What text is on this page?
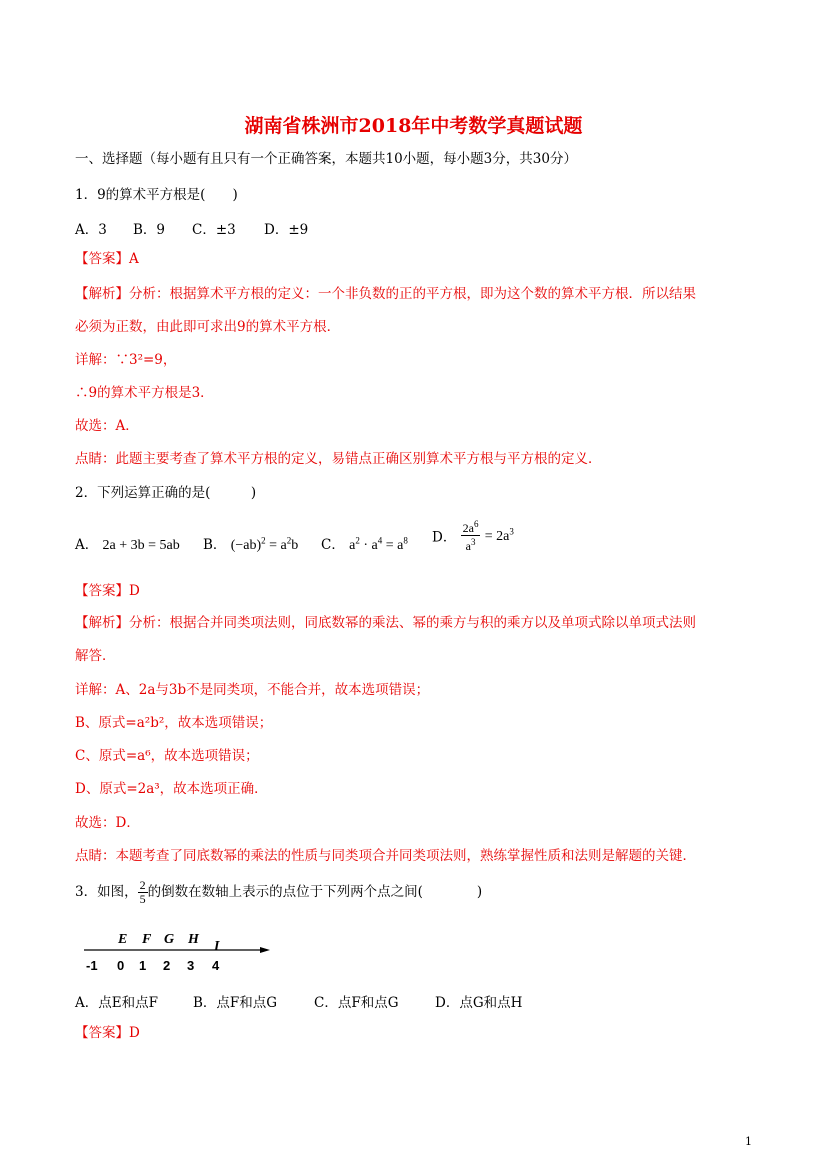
湖南省株洲市2018年中考数学真题试题
一、选择题（每小题有且只有一个正确答案，本题共10小题，每小题3分，共30分）
1．9的算术平方根是(　　)
A．3 B．9 C．±3 D．±9
【答案】A
【解析】分析：根据算术平方根的定义：一个非负数的正的平方根，即为这个数的算术平方根．所以结果
必须为正数，由此即可求出9的算术平方根．
详解：∵3²=9，
∴9的算术平方根是3．
故选：A．
点睛：此题主要考查了算术平方根的定义，易错点正确区别算术平方根与平方根的定义．
2．下列运算正确的是(　　　)
A． 2a + 3b = 5ab B． $(-ab)^2 = a^2b$ C． $a^2 \cdot a^4 = a^8$ D． $\frac{2a^6}{a^3} = 2a^3$
【答案】D
【解析】分析：根据合并同类项法则，同底数幂的乘法、幂的乘方与积的乘方以及单项式除以单项式法则
解答．
详解：A、2a与3b不是同类项，不能合并，故本选项错误；
B、原式=a²b²，故本选项错误；
C、原式=a⁶，故本选项错误；
D、原式=2a³，故本选项正确．
故选：D．
点睛：本题考查了同底数幂的乘法的性质与同类项合并同类项法则，熟练掌握性质和法则是解题的关键．
3．如图， $\frac{2}{5}$ 的倒数在数轴上表示的点位于下列两个点之间(　　　　)
E F G H I
-1 0 1 2 3 4
A．点E和点F	B．点F和点G	C．点F和点G	D．点G和点H
【答案】D
1
